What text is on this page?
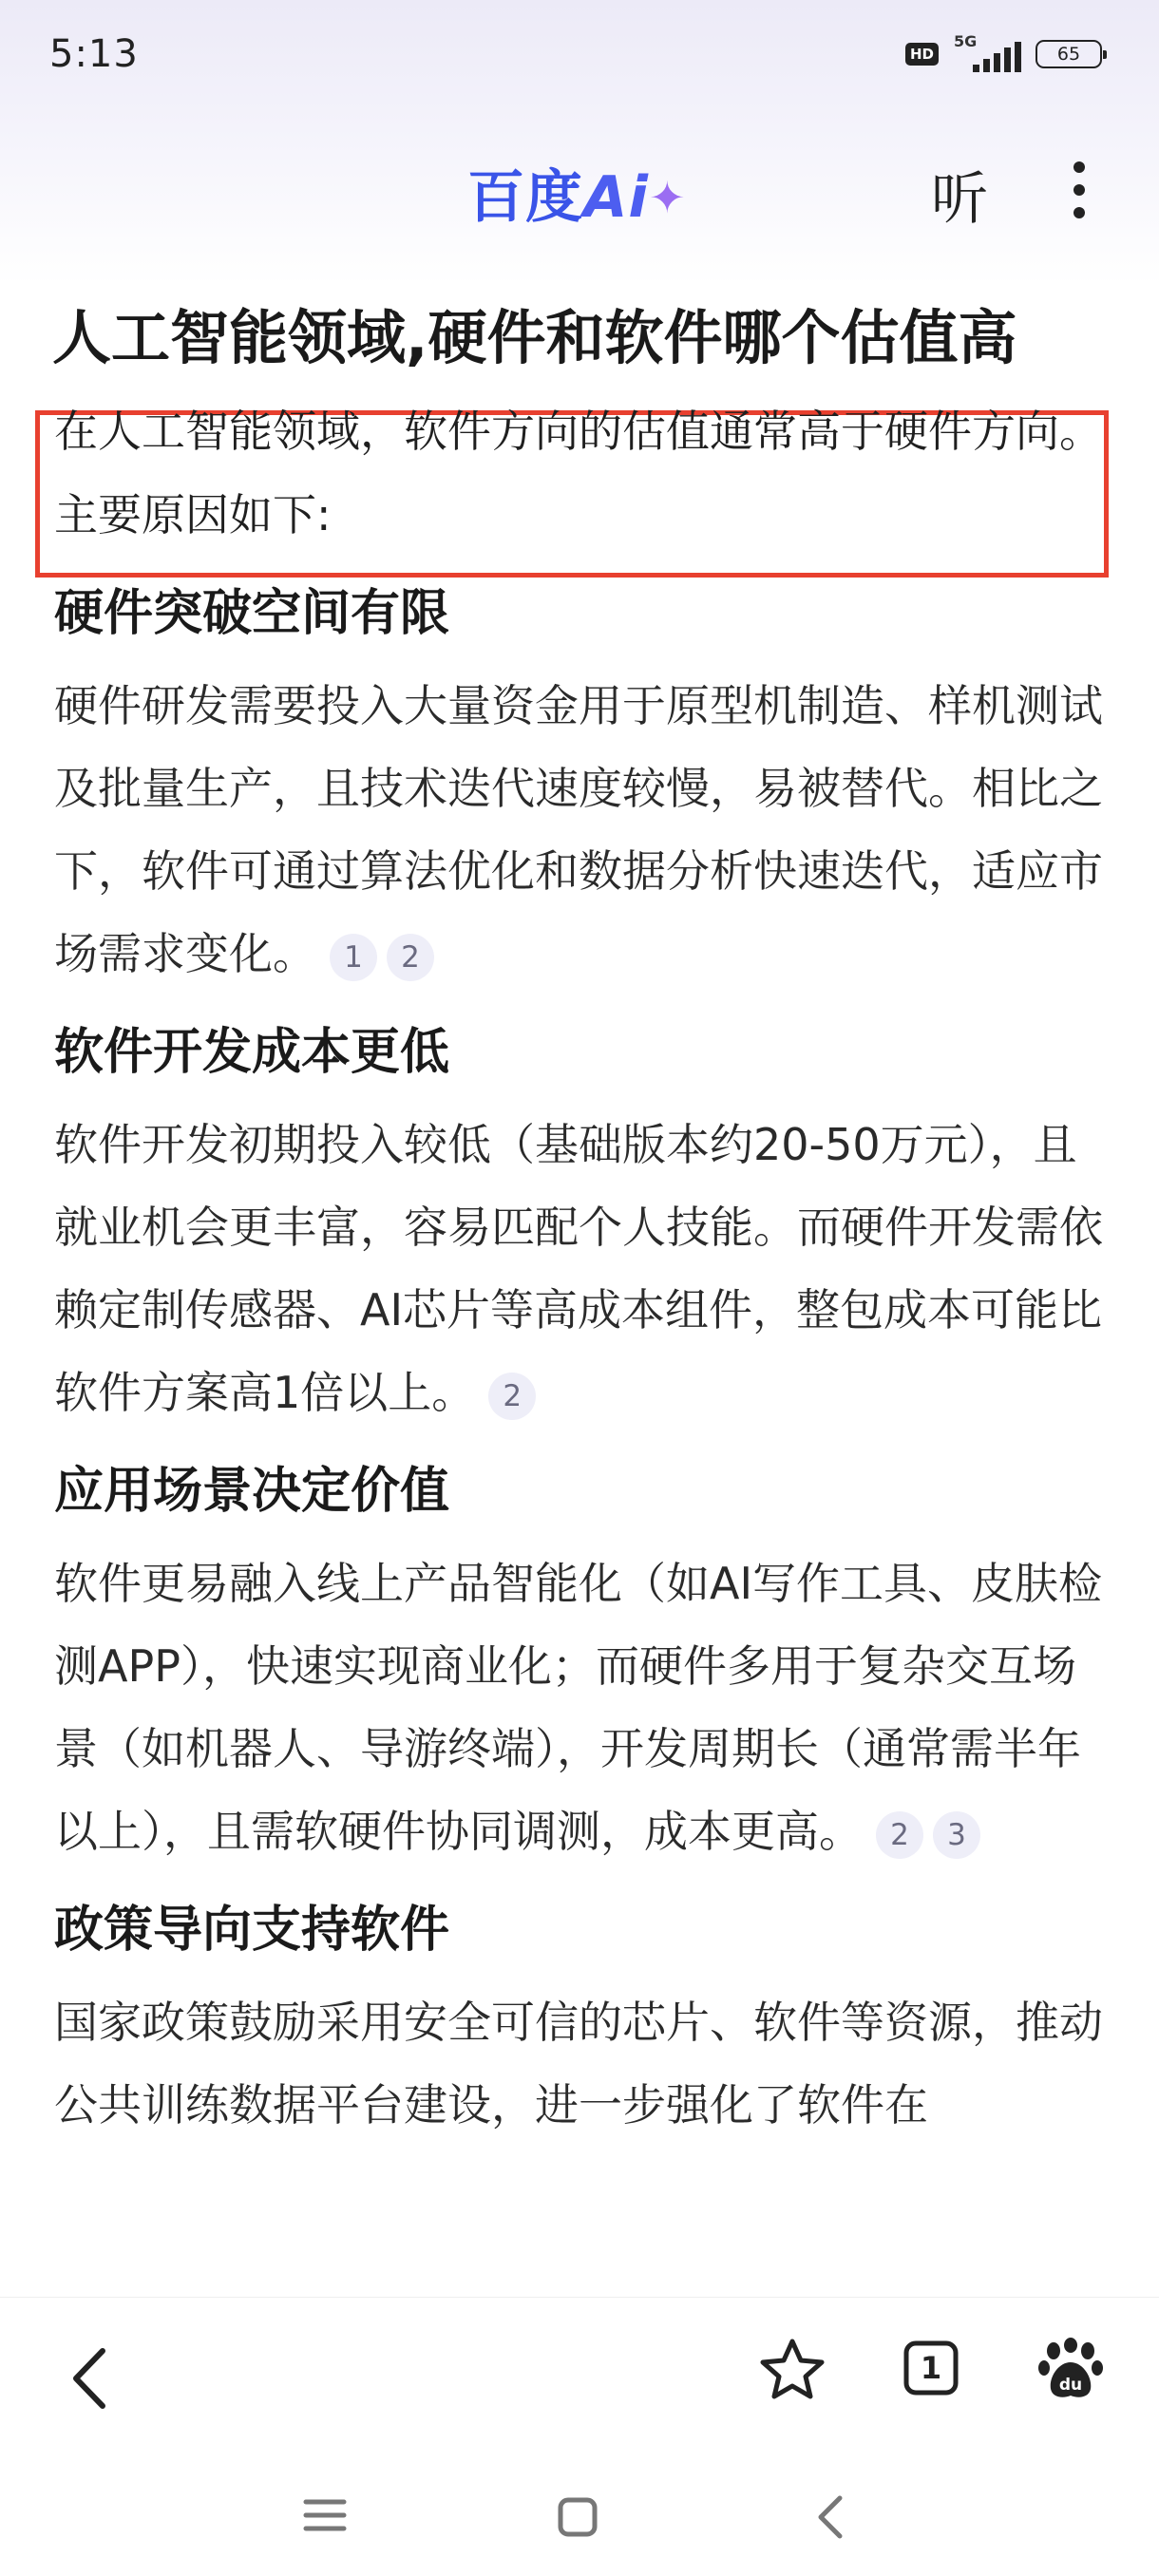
5:13	HD
5G
65
百度Ai✦	听
人工智能领域,硬件和软件哪个估值高

在人工智能领域，软件方向的估值通常高于硬件方向。主要原因如下:

硬件突破空间有限

硬件研发需要投入大量资金用于原型机制造、样机测试及批量生产，且技术迭代速度较慢，易被替代。相比之下，软件可通过算法优化和数据分析快速迭代，适应市场需求变化。 1 2

软件开发成本更低

软件开发初期投入较低（基础版本约20-50万元），且就业机会更丰富，容易匹配个人技能。而硬件开发需依赖定制传感器、AI芯片等高成本组件，整包成本可能比软件方案高1倍以上。 2

应用场景决定价值

软件更易融入线上产品智能化（如AI写作工具、皮肤检测APP），快速实现商业化；而硬件多用于复杂交互场景（如机器人、导游终端），开发周期长（通常需半年以上），且需软硬件协同调测，成本更高。 2 3

政策导向支持软件

国家政策鼓励采用安全可信的芯片、软件等资源，推动公共训练数据平台建设，进一步强化了软件在

1	du
